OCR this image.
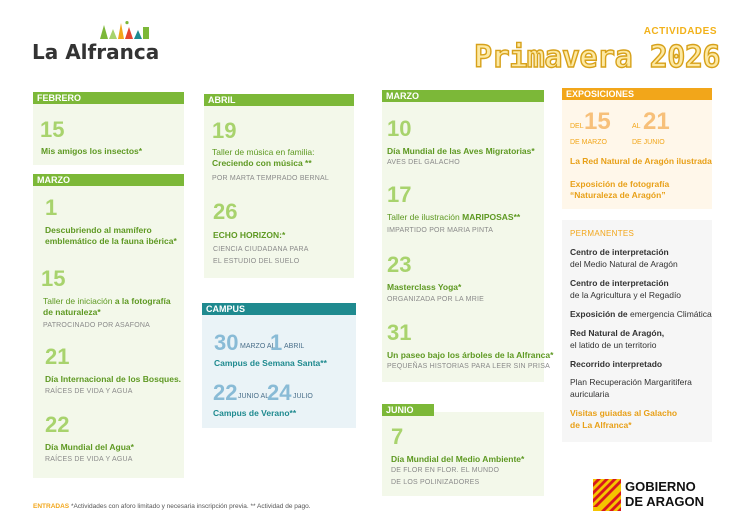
La Alfranca
ACTIVIDADES
Primavera 2026
FEBRERO
15
Mis amigos los insectos*
MARZO
1
Descubriendo al mamífero
emblemático de la fauna ibérica*
15
Taller de iniciación a la fotografía
de naturaleza*
PATROCINADO POR ASAFONA
21
Día Internacional de los Bosques.
RAÍCES DE VIDA Y AGUA
22
Día Mundial del Agua*
RAÍCES DE VIDA Y AGUA
ABRIL
19
Taller de música en familia:
Creciendo con música **
POR MARTA TEMPRADO BERNAL
26
ECHO HORIZON:*
CIENCIA CIUDADANA PARA
EL ESTUDIO DEL SUELO
CAMPUS
30 MARZO AL
1 ABRIL
Campus de Semana Santa**
22 JUNIO AL
24 JULIO
Campus de Verano**
MARZO
10
Día Mundial de las Aves Migratorias*
AVES DEL GALACHO
17
Taller de ilustración MARIPOSAS**
IMPARTIDO POR MARIA PINTA
23
Masterclass Yoga*
ORGANIZADA POR LA MRIE
31
Un paseo bajo los árboles de la Alfranca*
PEQUEÑAS HISTORIAS PARA LEER SIN PRISA
JUNIO
7
Día Mundial del Medio Ambiente*
DE FLOR EN FLOR. EL MUNDO
DE LOS POLINIZADORES
EXPOSICIONES
DEL 15
DE MARZO
AL 21
DE JUNIO
La Red Natural de Aragón ilustrada
Exposición de fotografía
“Naturaleza de Aragón”
PERMANENTES
Centro de interpretación
del Medio Natural de Aragón
Centro de interpretación
de la Agricultura y el Regadío
Exposición de emergencia Climática
Red Natural de Aragón,
el latido de un territorio
Recorrido interpretado
Plan Recuperación Margaritifera
auricularia
Visitas guiadas al Galacho
de La Alfranca*
ENTRADAS *Actividades con aforo limitado y necesaria inscripción previa. ** Actividad de pago.
GOBIERNO
DE ARAGON
